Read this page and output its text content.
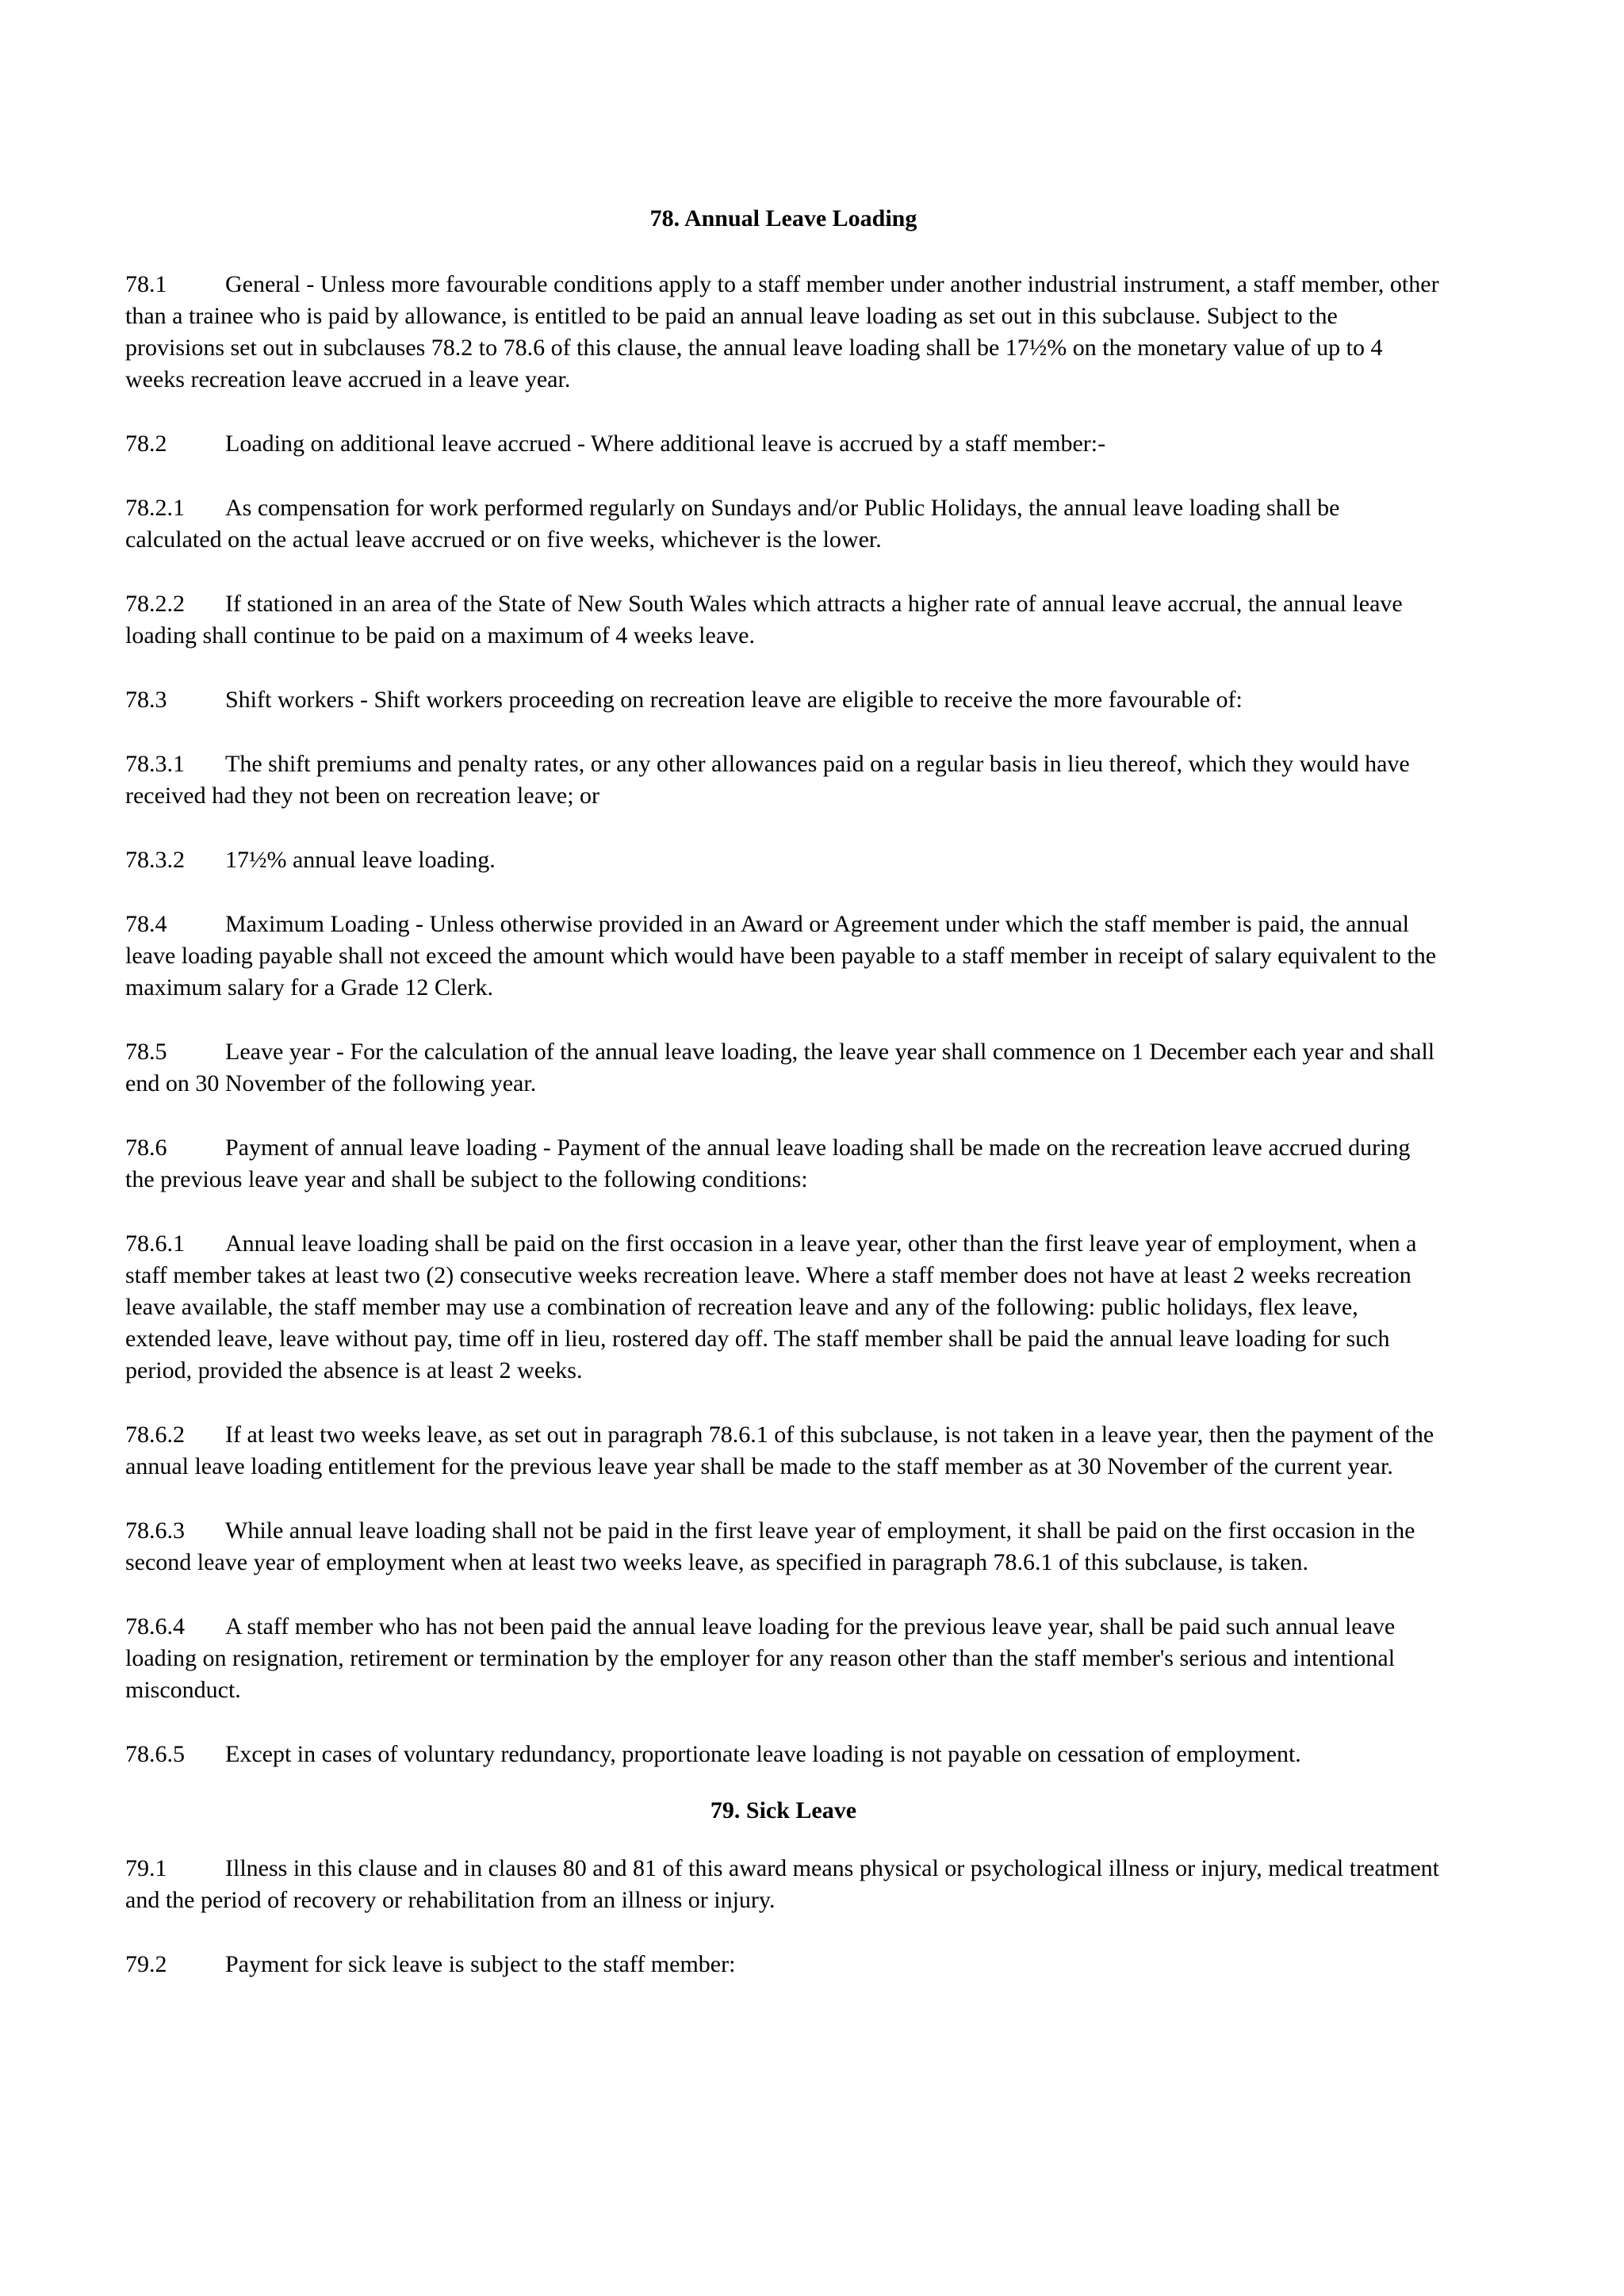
78. Annual Leave Loading

78.1 General - Unless more favourable conditions apply to a staff member under another industrial instrument, a staff member, other than a trainee who is paid by allowance, is entitled to be paid an annual leave loading as set out in this subclause. Subject to the provisions set out in subclauses 78.2 to 78.6 of this clause, the annual leave loading shall be 17½% on the monetary value of up to 4 weeks recreation leave accrued in a leave year.

78.2 Loading on additional leave accrued - Where additional leave is accrued by a staff member:-

78.2.1 As compensation for work performed regularly on Sundays and/or Public Holidays, the annual leave loading shall be calculated on the actual leave accrued or on five weeks, whichever is the lower.

78.2.2 If stationed in an area of the State of New South Wales which attracts a higher rate of annual leave accrual, the annual leave loading shall continue to be paid on a maximum of 4 weeks leave.

78.3 Shift workers - Shift workers proceeding on recreation leave are eligible to receive the more favourable of:

78.3.1 The shift premiums and penalty rates, or any other allowances paid on a regular basis in lieu thereof, which they would have received had they not been on recreation leave; or

78.3.2 17½% annual leave loading.

78.4 Maximum Loading - Unless otherwise provided in an Award or Agreement under which the staff member is paid, the annual leave loading payable shall not exceed the amount which would have been payable to a staff member in receipt of salary equivalent to the maximum salary for a Grade 12 Clerk.

78.5 Leave year - For the calculation of the annual leave loading, the leave year shall commence on 1 December each year and shall end on 30 November of the following year.

78.6 Payment of annual leave loading - Payment of the annual leave loading shall be made on the recreation leave accrued during the previous leave year and shall be subject to the following conditions:

78.6.1 Annual leave loading shall be paid on the first occasion in a leave year, other than the first leave year of employment, when a staff member takes at least two (2) consecutive weeks recreation leave. Where a staff member does not have at least 2 weeks recreation leave available, the staff member may use a combination of recreation leave and any of the following: public holidays, flex leave, extended leave, leave without pay, time off in lieu, rostered day off. The staff member shall be paid the annual leave loading for such period, provided the absence is at least 2 weeks.

78.6.2 If at least two weeks leave, as set out in paragraph 78.6.1 of this subclause, is not taken in a leave year, then the payment of the annual leave loading entitlement for the previous leave year shall be made to the staff member as at 30 November of the current year.

78.6.3 While annual leave loading shall not be paid in the first leave year of employment, it shall be paid on the first occasion in the second leave year of employment when at least two weeks leave, as specified in paragraph 78.6.1 of this subclause, is taken.

78.6.4 A staff member who has not been paid the annual leave loading for the previous leave year, shall be paid such annual leave loading on resignation, retirement or termination by the employer for any reason other than the staff member's serious and intentional misconduct.

78.6.5 Except in cases of voluntary redundancy, proportionate leave loading is not payable on cessation of employment.

79. Sick Leave

79.1 Illness in this clause and in clauses 80 and 81 of this award means physical or psychological illness or injury, medical treatment and the period of recovery or rehabilitation from an illness or injury.

79.2 Payment for sick leave is subject to the staff member:
